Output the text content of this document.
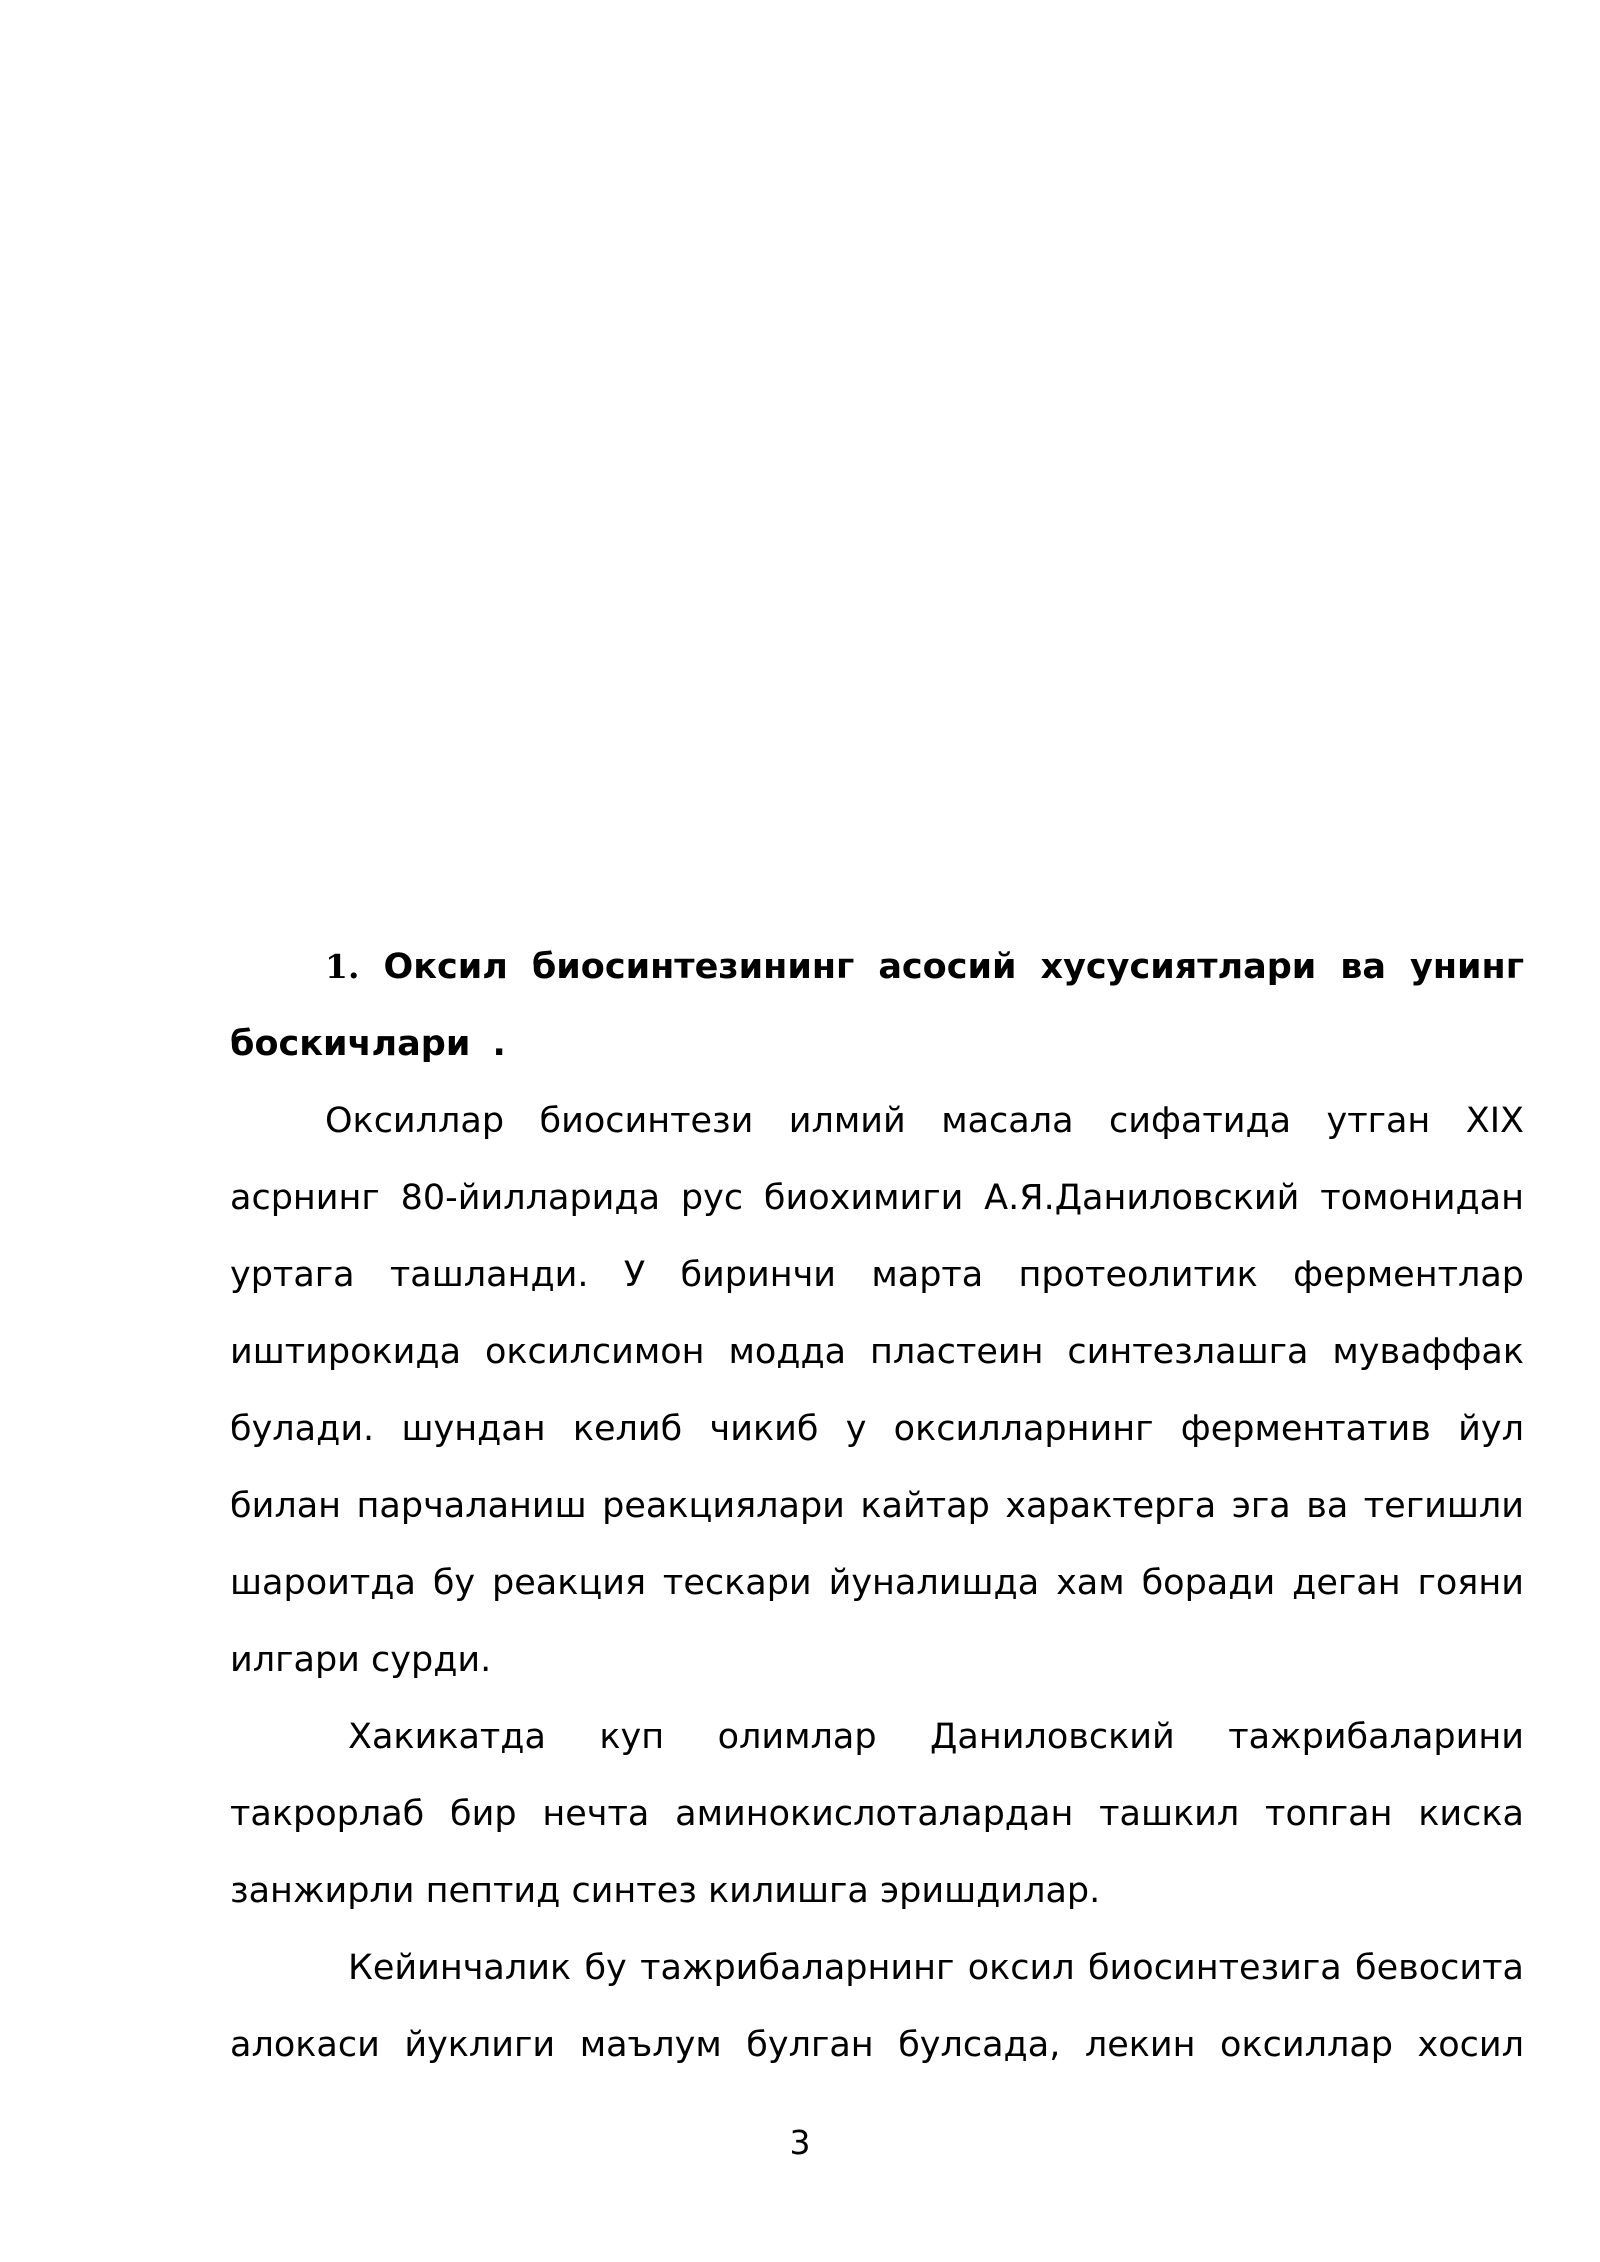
1. Оксил биосинтезининг асосий хусусиятлари ва унинг боскичлари .

Оксиллар биосинтези илмий масала сифатида утган XIX асрнинг 80-йилларида рус биохимиги А.Я.Даниловский томонидан уртага ташланди. У биринчи марта протеолитик ферментлар иштирокида оксилсимон модда пластеин синтезлашга муваффак булади. шундан келиб чикиб у оксилларнинг ферментатив йул билан парчаланиш реакциялари кайтар характерга эга ва тегишли шароитда бу реакция тескари йуналишда хам боради деган гояни илгари сурди.

Хакикатда куп олимлар Даниловский тажрибаларини такрорлаб бир нечта аминокислоталардан ташкил топган киска занжирли пептид синтез килишга эришдилар.

Кейинчалик бу тажрибаларнинг оксил биосинтезига бевосита алокаси йуклиги маълум булган булсада, лекин оксиллар хосил

3
